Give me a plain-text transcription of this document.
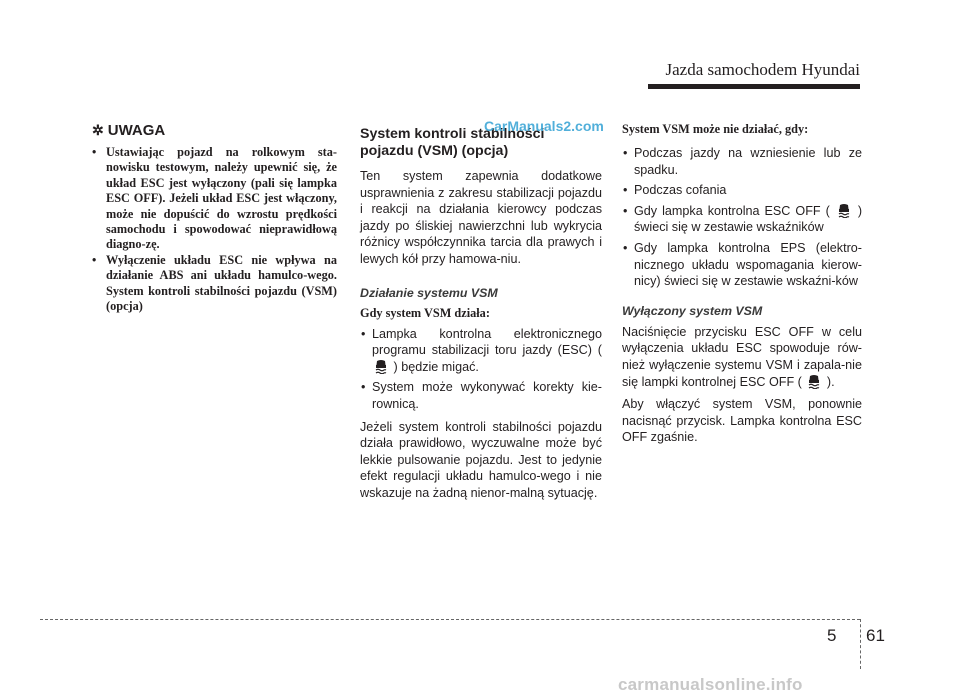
Jazda samochodem Hyundai
✲ UWAGA
• Ustawiając pojazd na rolkowym sta-nowisku testowym, należy upewnić się, że układ ESC jest wyłączony (pali się lampka ESC OFF). Jeżeli układ ESC jest włączony, może nie dopuścić do wzrostu prędkości samochodu i spowodować nieprawidłową diagno-zę.
• Wyłączenie układu ESC nie wpływa na działanie ABS ani układu hamulco-wego. System kontroli stabilności pojazdu (VSM) (opcja)
System kontroli stabilności pojazdu (VSM) (opcja)

Ten system zapewnia dodatkowe usprawnienia z zakresu stabilizacji pojazdu i reakcji na działania kierowcy podczas jazdy po śliskiej nawierzchni lub wykrycia różnicy współczynnika tarcia dla prawych i lewych kół przy hamowa-niu.

Działanie systemu VSM
Gdy system VSM działa:
• Lampka kontrolna elektronicznego programu stabilizacji toru jazdy (ESC) (  ) będzie migać.
• System może wykonywać korekty kie-rownicą.

Jeżeli system kontroli stabilności pojazdu działa prawidłowo, wyczuwalne może być lekkie pulsowanie pojazdu. Jest to jedynie efekt regulacji układu hamulco-wego i nie wskazuje na żadną nienor-malną sytuację.

CarManuals2.com System VSM może nie działać, gdy:
• Podczas jazdy na wzniesienie lub ze spadku.
• Podczas cofania
• Gdy lampka kontrolna ESC OFF ( ) świeci się w zestawie wskaźników
• Gdy lampka kontrolna EPS (elektro-nicznego układu wspomagania kierow-nicy) świeci się w zestawie wskaźni-ków
Wyłączony system VSM

Naciśnięcie przycisku ESC OFF w celu wyłączenia układu ESC spowoduje rów-nież wyłączenie systemu VSM i zapala-nie się lampki kontrolnej ESC OFF ( ).

Aby włączyć system VSM, ponownie nacisnąć przycisk. Lampka kontrolna ESC OFF zgaśnie.

5 61
carmanualsonline.info
